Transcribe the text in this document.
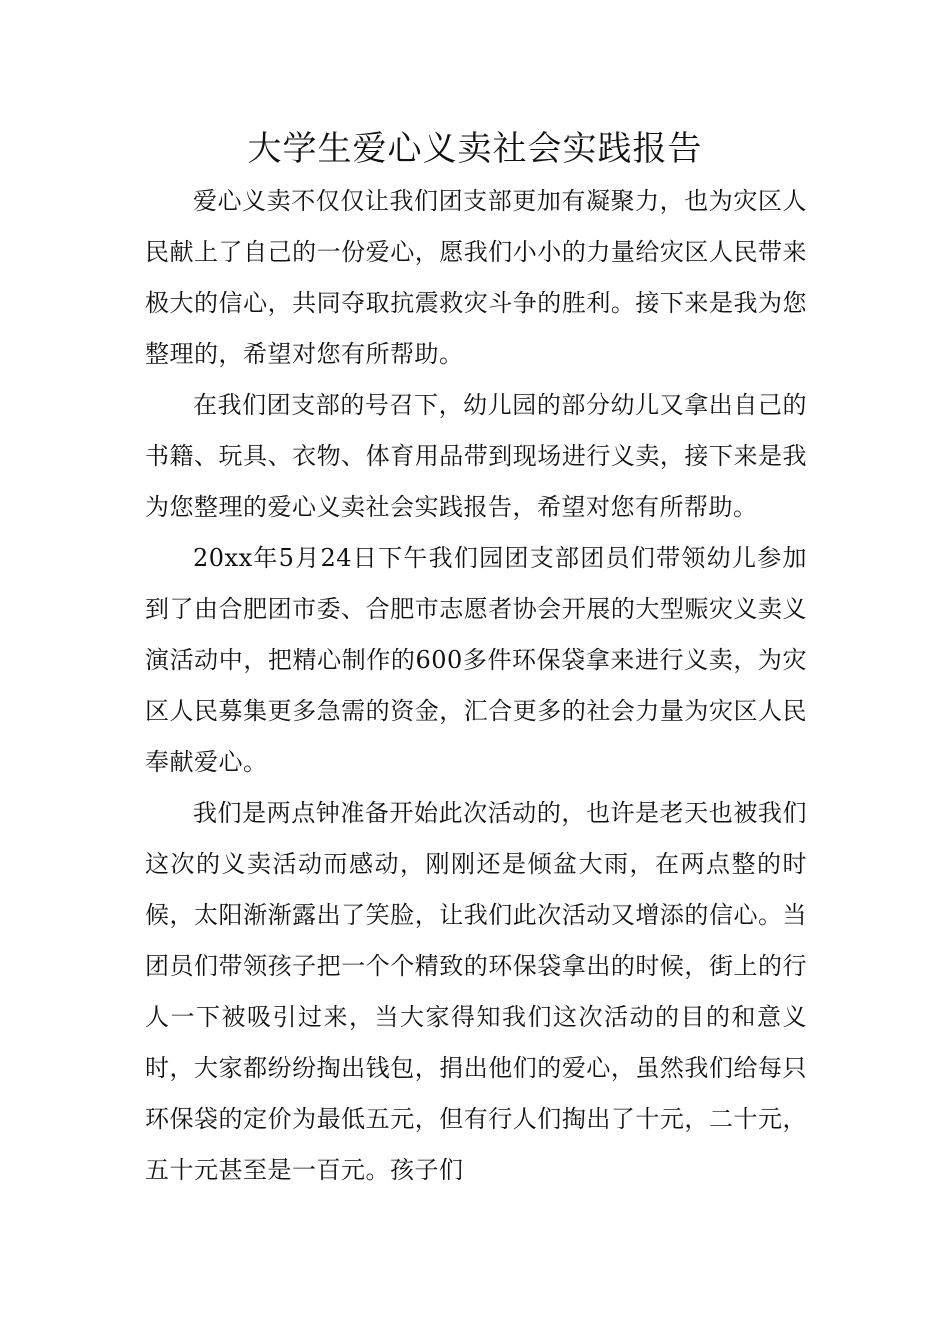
大学生爱心义卖社会实践报告

爱心义卖不仅仅让我们团支部更加有凝聚力，也为灾区人民献上了自己的一份爱心，愿我们小小的力量给灾区人民带来极大的信心，共同夺取抗震救灾斗争的胜利。接下来是我为您整理的，希望对您有所帮助。

在我们团支部的号召下，幼儿园的部分幼儿又拿出自己的书籍、玩具、衣物、体育用品带到现场进行义卖，接下来是我为您整理的爱心义卖社会实践报告，希望对您有所帮助。

20xx年5月24日下午我们园团支部团员们带领幼儿参加到了由合肥团市委、合肥市志愿者协会开展的大型赈灾义卖义演活动中，把精心制作的600多件环保袋拿来进行义卖，为灾区人民募集更多急需的资金，汇合更多的社会力量为灾区人民奉献爱心。

我们是两点钟准备开始此次活动的，也许是老天也被我们这次的义卖活动而感动，刚刚还是倾盆大雨，在两点整的时候，太阳渐渐露出了笑脸，让我们此次活动又增添的信心。当团员们带领孩子把一个个精致的环保袋拿出的时候，街上的行人一下被吸引过来，当大家得知我们这次活动的目的和意义时，大家都纷纷掏出钱包，捐出他们的爱心，虽然我们给每只环保袋的定价为最低五元，但有行人们掏出了十元，二十元，五十元甚至是一百元。孩子们
